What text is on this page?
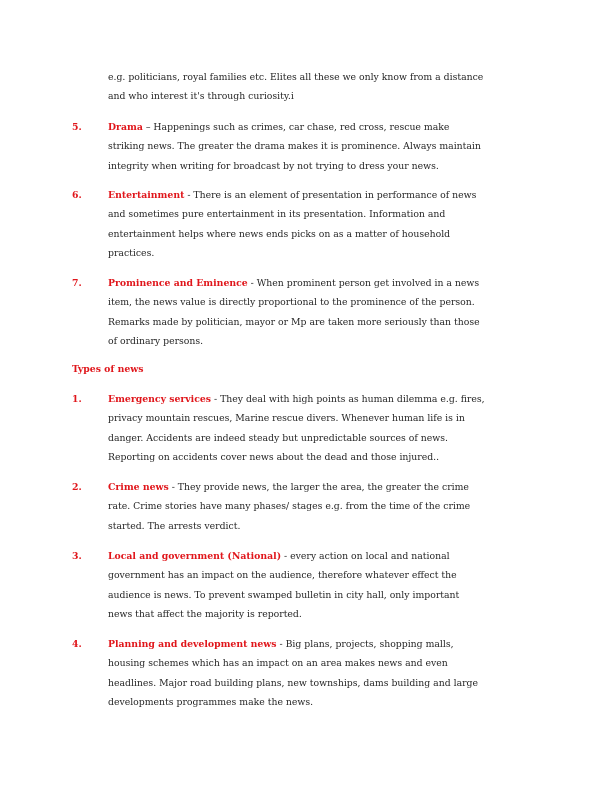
e.g. politicians, royal families etc. Elites all these we only know from a distance
and who interest it's through curiosity.i
5.	Drama – Happenings such as crimes, car chase, red cross, rescue make
striking news. The greater the drama makes it is prominence. Always maintain
integrity when writing for broadcast by not trying to dress your news.
6.	Entertainment - There is an element of presentation in performance of news
and sometimes pure entertainment in its presentation. Information and
entertainment helps where news ends picks on as a matter of household
practices.
7.	Prominence and Eminence - When prominent person get involved in a news
item, the news value is directly proportional to the prominence of the person.
Remarks made by politician, mayor or Mp are taken more seriously than those
of ordinary persons.
Types of news
1.	Emergency services - They deal with high points as human dilemma e.g. fires,
privacy mountain rescues, Marine rescue divers. Whenever human life is in
danger. Accidents are indeed steady but unpredictable sources of news.
Reporting on accidents cover news about the dead and those injured..
2.	Crime news - They provide news, the larger the area, the greater the crime
rate. Crime stories have many phases/ stages e.g. from the time of the crime
started. The arrests verdict.
3.	Local and government (National) - every action on local and national
government has an impact on the audience, therefore whatever effect the
audience is news. To prevent swamped bulletin in city hall, only important
news that affect the majority is reported.
4.	Planning and development news - Big plans, projects, shopping malls,
housing schemes which has an impact on an area makes news and even
headlines. Major road building plans, new townships, dams building and large
developments programmes make the news.
